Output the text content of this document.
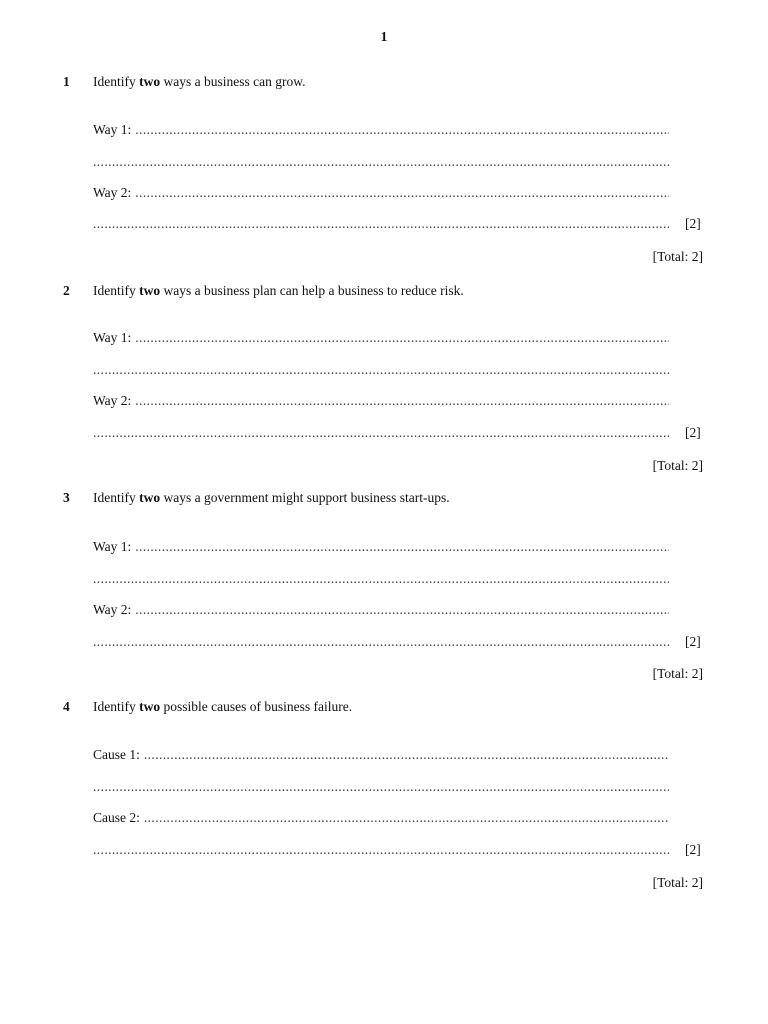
1
1 Identify two ways a business can grow.
Way 1:
.....
.....
Way 2:
.....
.....
[2]
[Total: 2]
2 Identify two ways a business plan can help a business to reduce risk.
Way 1:
.....
.....
Way 2:
.....
.....
[2]
[Total: 2]
3 Identify two ways a government might support business start-ups.
Way 1:
.....
.....
Way 2:
.....
.....
[2]
[Total: 2]
4 Identify two possible causes of business failure.
Cause 1:
.....
.....
Cause 2:
.....
.....
[2]
[Total: 2]
